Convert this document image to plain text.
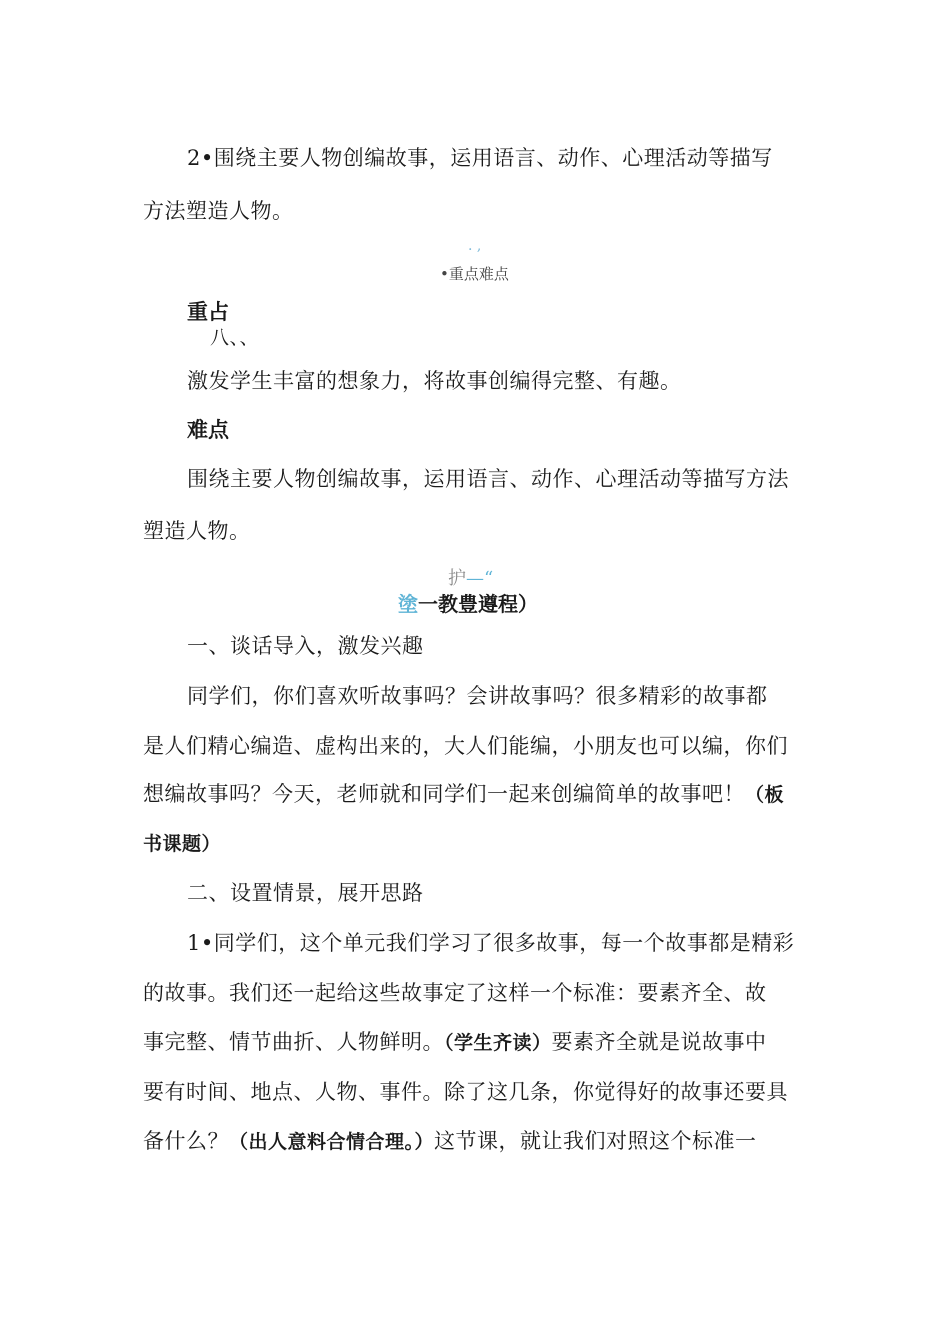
2•围绕主要人物创编故事，运用语言、动作、心理活动等描写
方法塑造人物。
. ,
•重点难点
重占
八、、
激发学生丰富的想象力，将故事创编得完整、有趣。
难点
围绕主要人物创编故事，运用语言、动作、心理活动等描写方法
塑造人物。
护—“
塗一教豊遵程）
一、谈话导入，激发兴趣
同学们，你们喜欢听故事吗？会讲故事吗？很多精彩的故事都
是人们精心编造、虚构出来的，大人们能编，小朋友也可以编，你们
想编故事吗？今天，老师就和同学们一起来创编简单的故事吧！（板
书课题）
二、设置情景，展开思路
1•同学们，这个单元我们学习了很多故事，每一个故事都是精彩
的故事。我们还一起给这些故事定了这样一个标准：要素齐全、故
事完整、情节曲折、人物鲜明。（学生齐读）要素齐全就是说故事中
要有时间、地点、人物、事件。除了这几条，你觉得好的故事还要具
备什么？（出人意料合情合理。）这节课，就让我们对照这个标准一
